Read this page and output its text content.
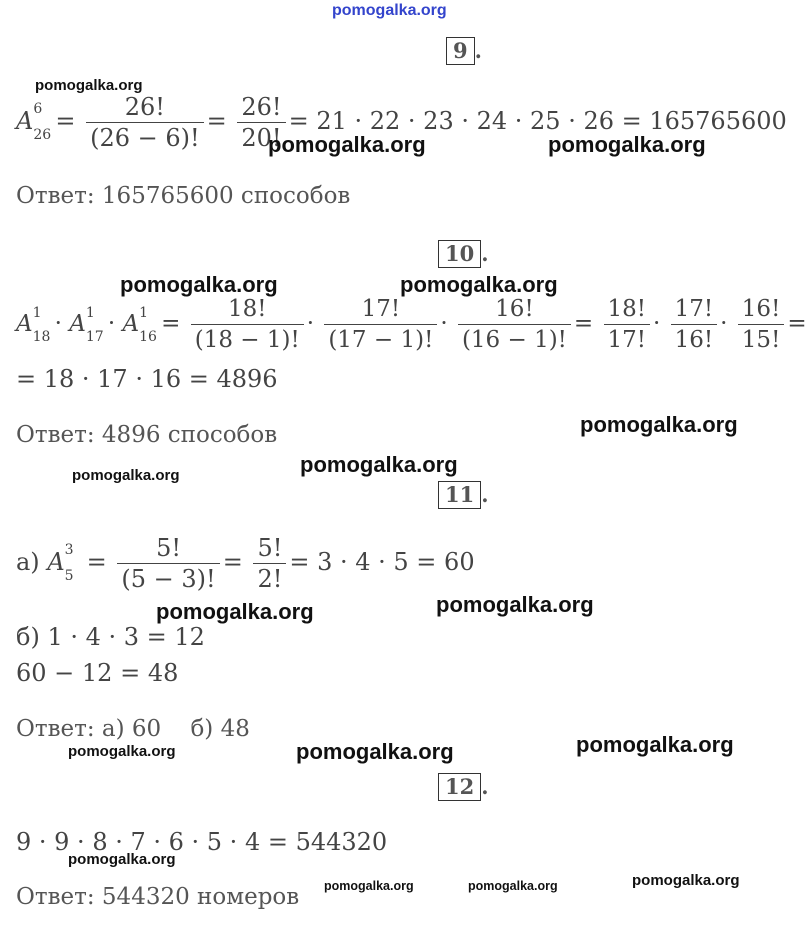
pomogalka.org
9 .
pomogalka.org
A 6
$26 = \frac{26!}{(26 - 6)!} = \frac{26!}{20!} = 21 \cdot 22 \cdot 23 \cdot 24 \cdot 25 \cdot 26 = 165765600$
pomogalka.org	pomogalka.org
Ответ: 165765600 способов
10 .
pomogalka.org	pomogalka.org
A 1
18 · A 1
17 · A 1
$16 = \frac{18!}{(18 - 1)!} \cdot \frac{17!}{(17 - 1)!} \cdot \frac{16!}{(16 - 1)!} = \frac{18!}{17!} \cdot \frac{17!}{16!} \cdot \frac{16!}{15!}$ =
= 18 · 17 · 16 = 4896
pomogalka.org
Ответ: 4896 способов
pomogalka.org
pomogalka.org
11 .
а) A 3
$5 = \frac{5!}{(5 - 3)!} = \frac{5!}{2!} = 3 \cdot 4 \cdot 5 = 60$
pomogalka.org	pomogalka.org
б) 1 · 4 · 3 = 12
60 − 12 = 48
Ответ: а) 60 б) 48
pomogalka.org	pomogalka.org	pomogalka.org
12 .
9 · 9 · 8 · 7 · 6 · 5 · 4 = 544320
pomogalka.org
Ответ: 544320 номеров pomogalka.org	pomogalka.org	pomogalka.org
